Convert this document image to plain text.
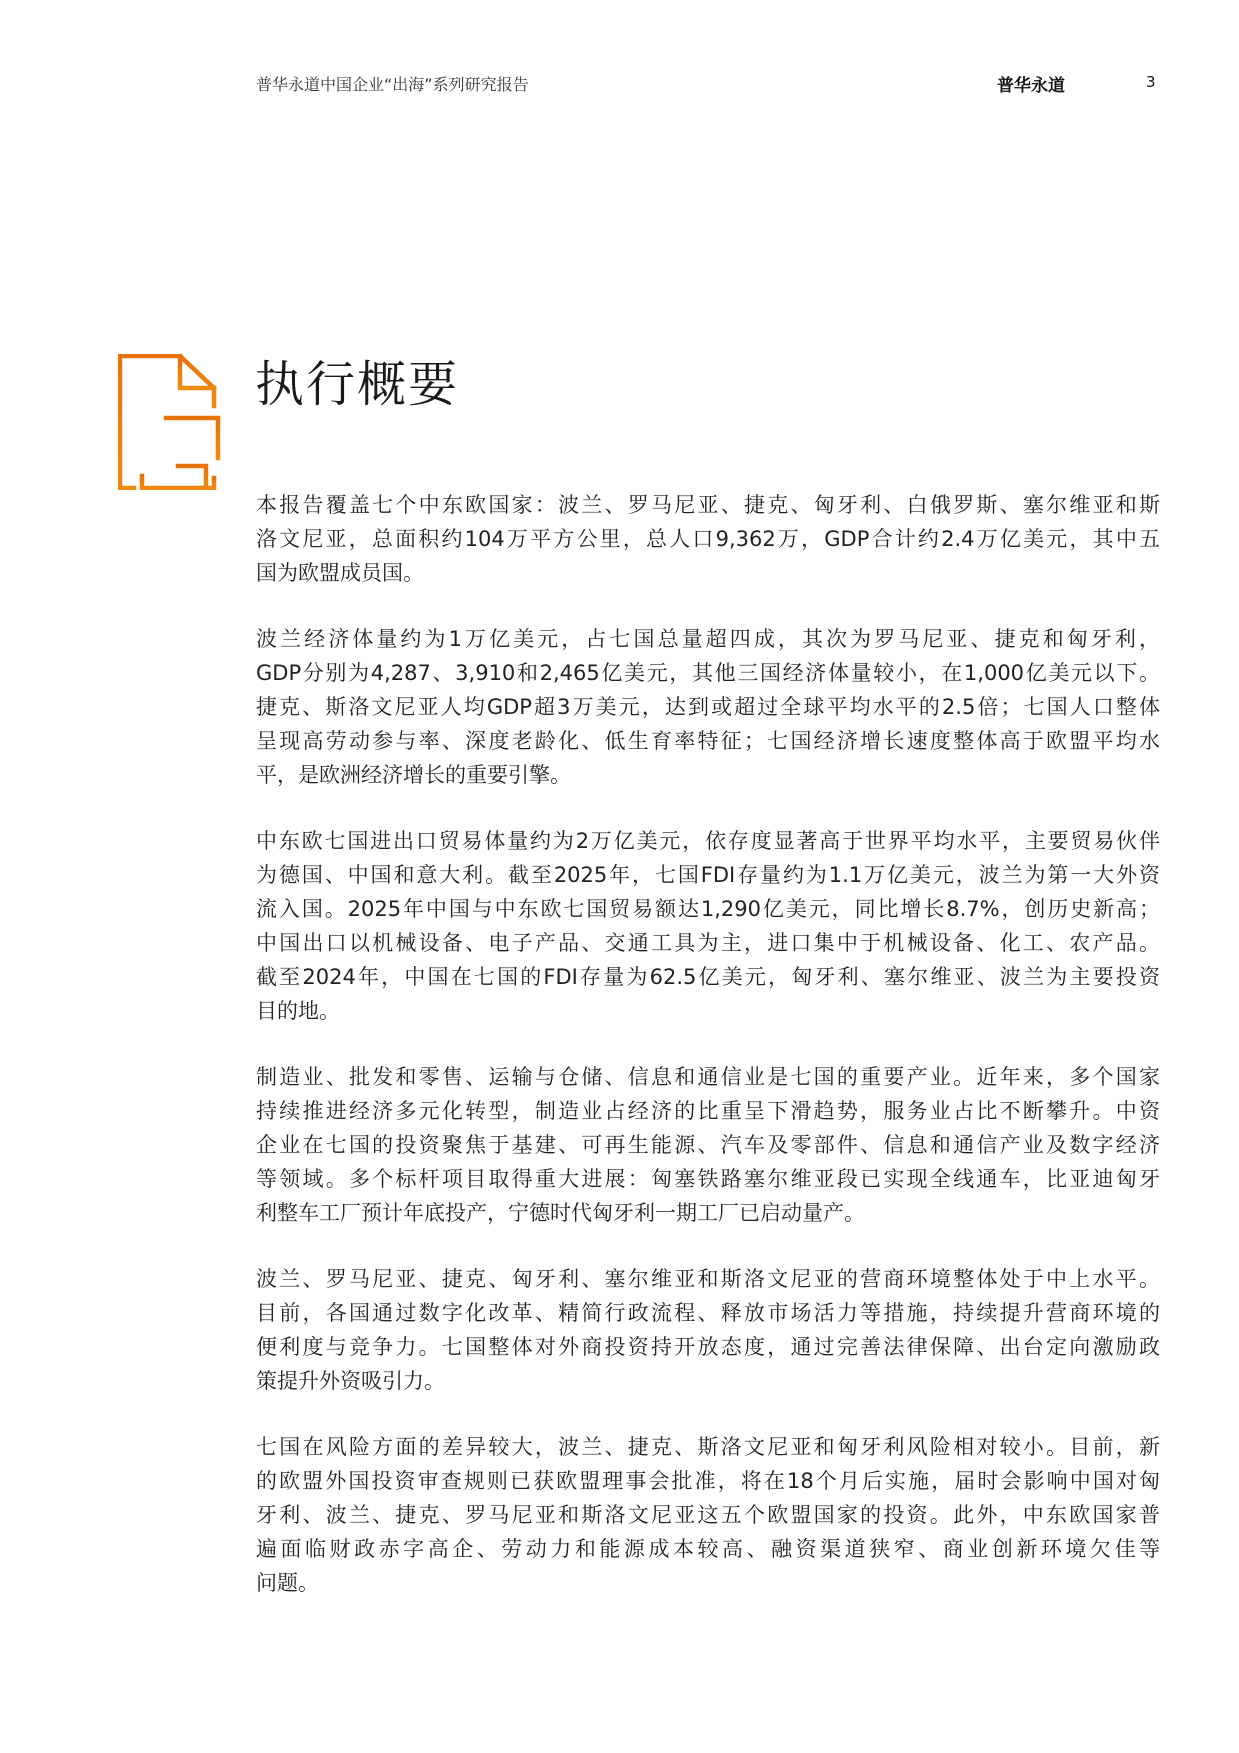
普华永道中国企业“出海”系列研究报告	普华永道	3
执行概要

本报告覆盖七个中东欧国家：波兰、罗马尼亚、捷克、匈牙利、白俄罗斯、塞尔维亚和斯
洛文尼亚，总面积约104万平方公里，总人口9,362万，GDP合计约2.4万亿美元，其中五
国为欧盟成员国。

波兰经济体量约为1万亿美元，占七国总量超四成，其次为罗马尼亚、捷克和匈牙利，
GDP分别为4,287、3,910和2,465亿美元，其他三国经济体量较小，在1,000亿美元以下。
捷克、斯洛文尼亚人均GDP超3万美元，达到或超过全球平均水平的2.5倍；七国人口整体
呈现高劳动参与率、深度老龄化、低生育率特征；七国经济增长速度整体高于欧盟平均水
平，是欧洲经济增长的重要引擎。

中东欧七国进出口贸易体量约为2万亿美元，依存度显著高于世界平均水平，主要贸易伙伴
为德国、中国和意大利。截至2025年，七国FDI存量约为1.1万亿美元，波兰为第一大外资
流入国。2025年中国与中东欧七国贸易额达1,290亿美元，同比增长8.7%，创历史新高；
中国出口以机械设备、电子产品、交通工具为主，进口集中于机械设备、化工、农产品。
截至2024年，中国在七国的FDI存量为62.5亿美元，匈牙利、塞尔维亚、波兰为主要投资
目的地。

制造业、批发和零售、运输与仓储、信息和通信业是七国的重要产业。近年来，多个国家
持续推进经济多元化转型，制造业占经济的比重呈下滑趋势，服务业占比不断攀升。中资
企业在七国的投资聚焦于基建、可再生能源、汽车及零部件、信息和通信产业及数字经济
等领域。多个标杆项目取得重大进展：匈塞铁路塞尔维亚段已实现全线通车，比亚迪匈牙
利整车工厂预计年底投产，宁德时代匈牙利一期工厂已启动量产。

波兰、罗马尼亚、捷克、匈牙利、塞尔维亚和斯洛文尼亚的营商环境整体处于中上水平。
目前，各国通过数字化改革、精简行政流程、释放市场活力等措施，持续提升营商环境的
便利度与竞争力。七国整体对外商投资持开放态度，通过完善法律保障、出台定向激励政
策提升外资吸引力。

七国在风险方面的差异较大，波兰、捷克、斯洛文尼亚和匈牙利风险相对较小。目前，新
的欧盟外国投资审查规则已获欧盟理事会批准，将在18个月后实施，届时会影响中国对匈
牙利、波兰、捷克、罗马尼亚和斯洛文尼亚这五个欧盟国家的投资。此外，中东欧国家普
遍面临财政赤字高企、劳动力和能源成本较高、融资渠道狭窄、商业创新环境欠佳等
问题。
